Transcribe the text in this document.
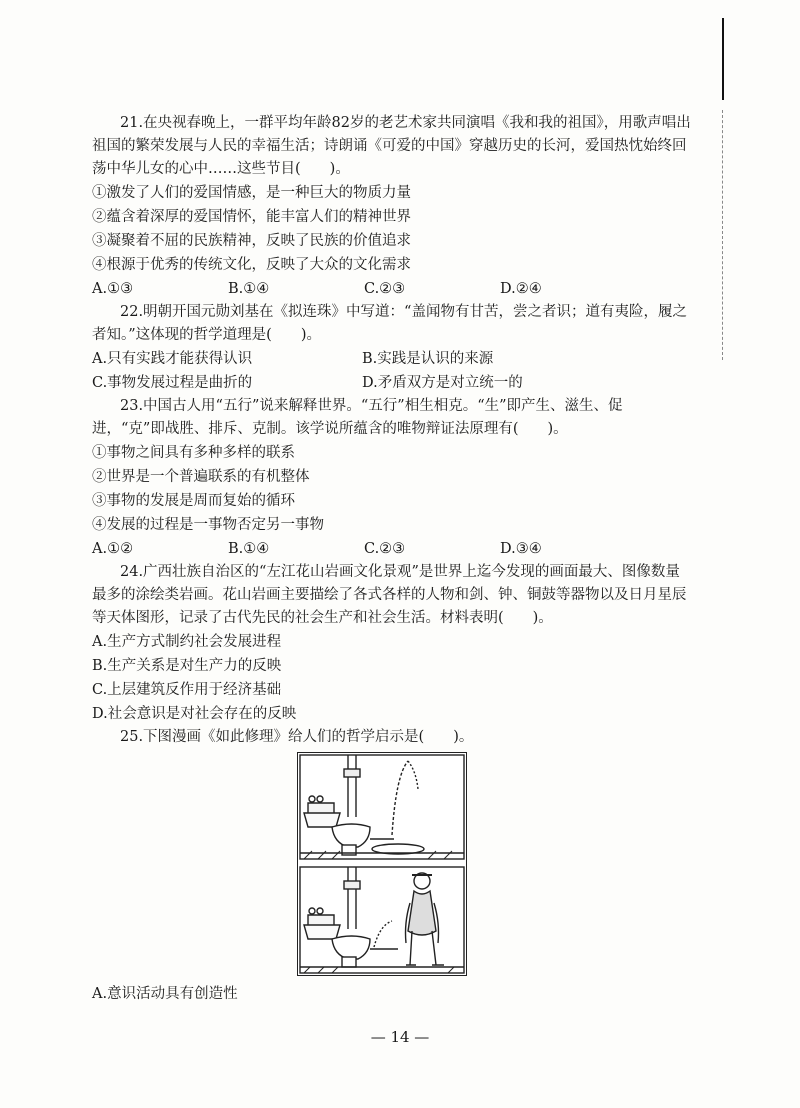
21.在央视春晚上，一群平均年龄82岁的老艺术家共同演唱《我和我的祖国》，用歌声唱出祖国的繁荣发展与人民的幸福生活；诗朗诵《可爱的中国》穿越历史的长河，爱国热忱始终回荡中华儿女的心中……这些节目(　　)。

①激发了人们的爱国情感，是一种巨大的物质力量

②蕴含着深厚的爱国情怀，能丰富人们的精神世界

③凝聚着不屈的民族精神，反映了民族的价值追求

④根源于优秀的传统文化，反映了大众的文化需求

A.①③	B.①④	C.②③	D.②④

22.明朝开国元勋刘基在《拟连珠》中写道：“盖闻物有甘苦，尝之者识；道有夷险，履之者知。”这体现的哲学道理是(　　)。

A.只有实践才能获得认识	B.实践是认识的来源
C.事物发展过程是曲折的	D.矛盾双方是对立统一的

23.中国古人用“五行”说来解释世界。“五行”相生相克。“生”即产生、滋生、促进，“克”即战胜、排斥、克制。该学说所蕴含的唯物辩证法原理有(　　)。

①事物之间具有多种多样的联系

②世界是一个普遍联系的有机整体

③事物的发展是周而复始的循环

④发展的过程是一事物否定另一事物

A.①②	B.①④	C.②③	D.③④

24.广西壮族自治区的“左江花山岩画文化景观”是世界上迄今发现的画面最大、图像数量最多的涂绘类岩画。花山岩画主要描绘了各式各样的人物和剑、钟、铜鼓等器物以及日月星辰等天体图形，记录了古代先民的社会生产和社会生活。材料表明(　　)。

A.生产方式制约社会发展进程

B.生产关系是对生产力的反映

C.上层建筑反作用于经济基础

D.社会意识是对社会存在的反映

25.下图漫画《如此修理》给人们的哲学启示是(　　)。

A.意识活动具有创造性
— 14 —
